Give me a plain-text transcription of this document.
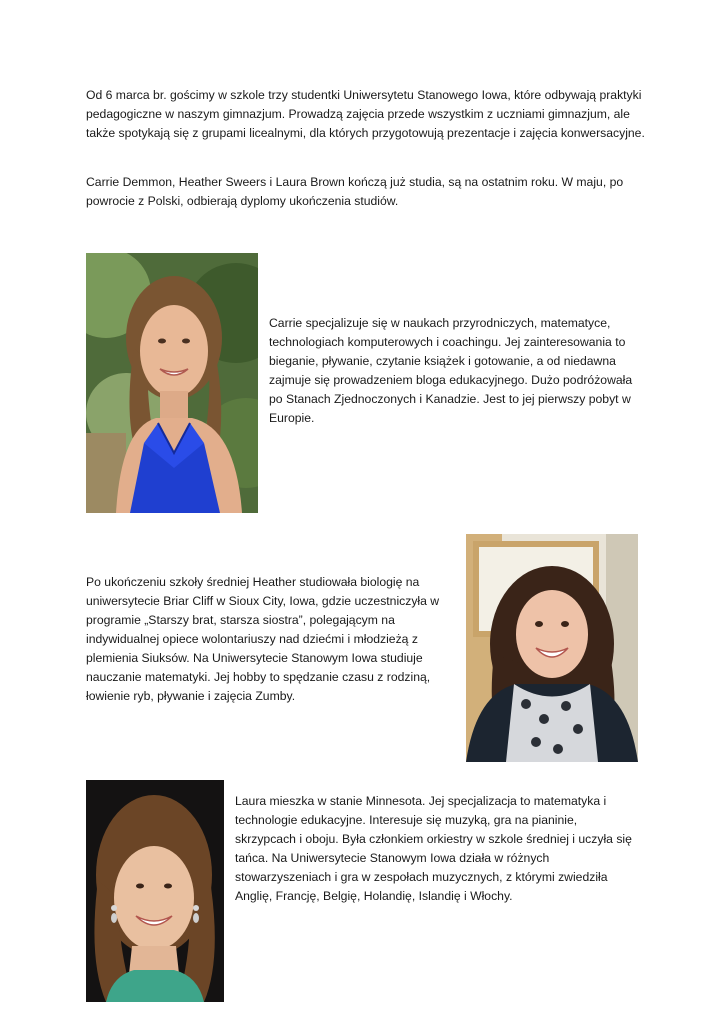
Od 6 marca br. gościmy w szkole trzy studentki Uniwersytetu Stanowego Iowa, które odbywają praktyki pedagogiczne w naszym gimnazjum. Prowadzą zajęcia przede wszystkim z uczniami gimnazjum, ale także spotykają się z grupami licealnymi, dla których przygotowują prezentacje i zajęcia konwersacyjne.

Carrie Demmon, Heather Sweers i Laura Brown kończą już studia, są na ostatnim roku. W maju, po powrocie z Polski, odbierają dyplomy ukończenia studiów.

Carrie specjalizuje się w naukach przyrodniczych, matematyce, technologiach komputerowych i coachingu. Jej zainteresowania to bieganie, pływanie, czytanie książek i gotowanie, a od niedawna zajmuje się prowadzeniem bloga edukacyjnego. Dużo podróżowała po Stanach Zjednoczonych i Kanadzie. Jest to jej pierwszy pobyt w Europie.

Po ukończeniu szkoły średniej Heather studiowała biologię na uniwersytecie Briar Cliff w Sioux City, Iowa, gdzie uczestniczyła w programie „Starszy brat, starsza siostra”, polegającym na indywidualnej opiece wolontariuszy nad dziećmi i młodzieżą z plemienia Siuksów. Na Uniwersytecie Stanowym Iowa studiuje nauczanie matematyki. Jej hobby to spędzanie czasu z rodziną, łowienie ryb, pływanie i zajęcia Zumby.

Laura mieszka w stanie Minnesota. Jej specjalizacja to matematyka i technologie edukacyjne. Interesuje się muzyką, gra na pianinie, skrzypcach i oboju. Była członkiem orkiestry w szkole średniej i uczyła się tańca. Na Uniwersytecie Stanowym Iowa działa w różnych stowarzyszeniach i gra w zespołach muzycznych, z którymi zwiedziła Anglię, Francję, Belgię, Holandię, Islandię i Włochy.
